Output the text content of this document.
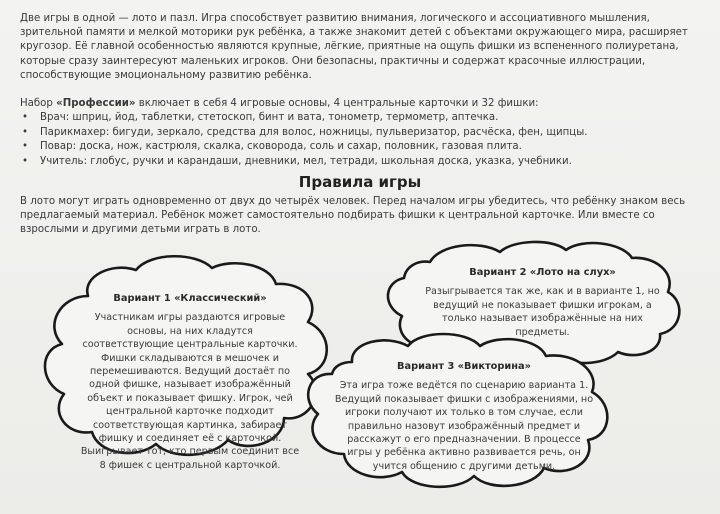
Две игры в одной — лото и пазл. Игра способствует развитию внимания, логического и ассоциативного мышления, зрительной памяти и мелкой моторики рук ребёнка, а также знакомит детей с объектами окружающего мира, расширяет кругозор. Её главной особенностью являются крупные, лёгкие, приятные на ощупь фишки из вспененного полиуретана, которые сразу заинтересуют маленьких игроков. Они безопасны, практичны и содержат красочные иллюстрации, способствующие эмоциональному развитию ребёнка.

Набор «Профессии» включает в себя 4 игровые основы, 4 центральные карточки и 32 фишки:

• Врач: шприц, йод, таблетки, стетоскоп, бинт и вата, тонометр, термометр, аптечка.
• Парикмахер: бигуди, зеркало, средства для волос, ножницы, пульверизатор, расчёска, фен, щипцы.
• Повар: доска, нож, кастрюля, скалка, сковорода, соль и сахар, половник, газовая плита.
• Учитель: глобус, ручки и карандаши, дневники, мел, тетради, школьная доска, указка, учебники.
Правила игры

В лото могут играть одновременно от двух до четырёх человек. Перед началом игры убедитесь, что ребёнку знаком весь предлагаемый материал. Ребёнок может самостоятельно подбирать фишки к центральной карточке. Или вместе со взрослыми и другими детьми играть в лото.

Вариант 1 «Классический»

Участникам игры раздаются игровые основы, на них кладутся соответствующие центральные карточки. Фишки складываются в мешочек и перемешиваются. Ведущий достаёт по одной фишке, называет изображённый объект и показывает фишку. Игрок, чей центральной карточке подходит соответствующая картинка, забирает фишку и соединяет её с карточкой. Выигрывает тот, кто первым соединит все 8 фишек с центральной карточкой.

Вариант 2 «Лото на слух»

Разыгрывается так же, как и в варианте 1, но ведущий не показывает фишки игрокам, а только называет изображённые на них предметы.

Вариант 3 «Викторина»

Эта игра тоже ведётся по сценарию варианта 1. Ведущий показывает фишки с изображениями, но игроки получают их только в том случае, если правильно назовут изображённый предмет и расскажут о его предназначении. В процессе игры у ребёнка активно развивается речь, он учится общению с другими детьми.
